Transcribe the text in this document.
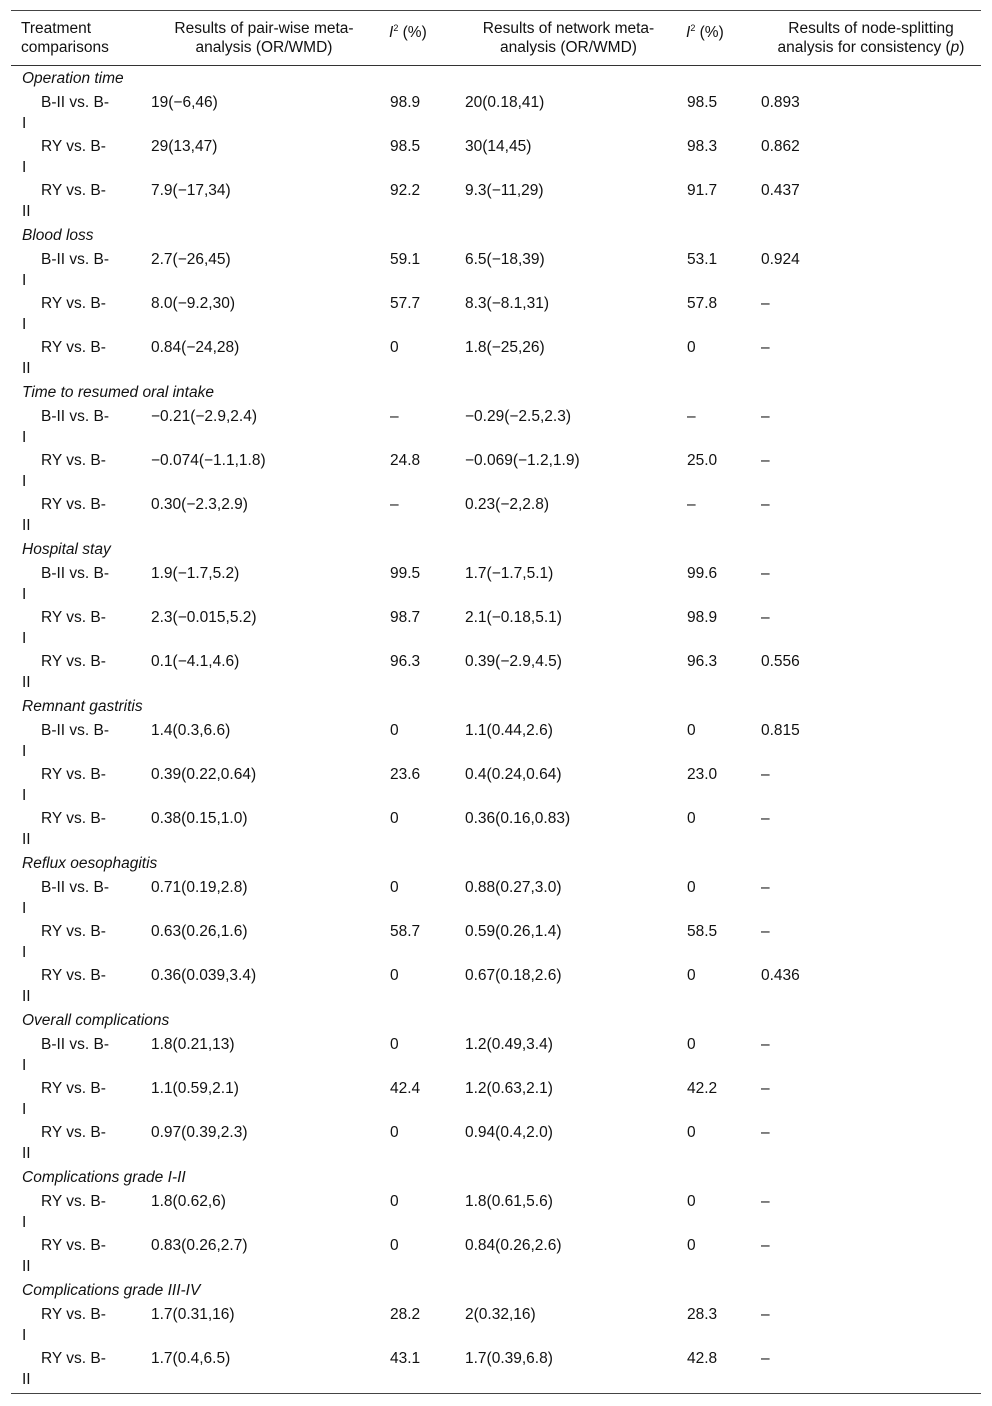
Treatment
comparisons
Results of pair-wise meta-
analysis (OR/WMD)
$I^2$ (%)	Results of network meta-
analysis (OR/WMD)
$I^2$ (%)	Results of node-splitting
analysis for consistency (p)
Operation time
B-II vs. B-
I
19(−6,46)	98.9	20(0.18,41)	98.5	0.893
RY vs. B-
I
29(13,47)	98.5	30(14,45)	98.3	0.862
RY vs. B-
II
7.9(−17,34)	92.2	9.3(−11,29)	91.7	0.437
Blood loss
B-II vs. B-
I
2.7(−26,45)	59.1	6.5(−18,39)	53.1	0.924
RY vs. B-
I
8.0(−9.2,30)	57.7	8.3(−8.1,31)	57.8	–
RY vs. B-
II
0.84(−24,28)	0	1.8(−25,26)	0	–
Time to resumed oral intake
B-II vs. B-
I
−0.21(−2.9,2.4)	–	−0.29(−2.5,2.3)	–	–
RY vs. B-
I
−0.074(−1.1,1.8)	24.8	−0.069(−1.2,1.9)	25.0	–
RY vs. B-
II
0.30(−2.3,2.9)	–	0.23(−2,2.8)	–	–
Hospital stay
B-II vs. B-
I
1.9(−1.7,5.2)	99.5	1.7(−1.7,5.1)	99.6	–
RY vs. B-
I
2.3(−0.015,5.2)	98.7	2.1(−0.18,5.1)	98.9	–
RY vs. B-
II
0.1(−4.1,4.6)	96.3	0.39(−2.9,4.5)	96.3	0.556
Remnant gastritis
B-II vs. B-
I
1.4(0.3,6.6)	0	1.1(0.44,2.6)	0	0.815
RY vs. B-
I
0.39(0.22,0.64)	23.6	0.4(0.24,0.64)	23.0	–
RY vs. B-
II
0.38(0.15,1.0)	0	0.36(0.16,0.83)	0	–
Reflux oesophagitis
B-II vs. B-
I
0.71(0.19,2.8)	0	0.88(0.27,3.0)	0	–
RY vs. B-
I
0.63(0.26,1.6)	58.7	0.59(0.26,1.4)	58.5	–
RY vs. B-
II
0.36(0.039,3.4)	0	0.67(0.18,2.6)	0	0.436
Overall complications
B-II vs. B-
I
1.8(0.21,13)	0	1.2(0.49,3.4)	0	–
RY vs. B-
I
1.1(0.59,2.1)	42.4	1.2(0.63,2.1)	42.2	–
RY vs. B-
II
0.97(0.39,2.3)	0	0.94(0.4,2.0)	0	–
Complications grade I-II
RY vs. B-
I
1.8(0.62,6)	0	1.8(0.61,5.6)	0	–
RY vs. B-
II
0.83(0.26,2.7)	0	0.84(0.26,2.6)	0	–
Complications grade III-IV
RY vs. B-
I
1.7(0.31,16)	28.2	2(0.32,16)	28.3	–
RY vs. B-
II
1.7(0.4,6.5)	43.1	1.7(0.39,6.8)	42.8	–
